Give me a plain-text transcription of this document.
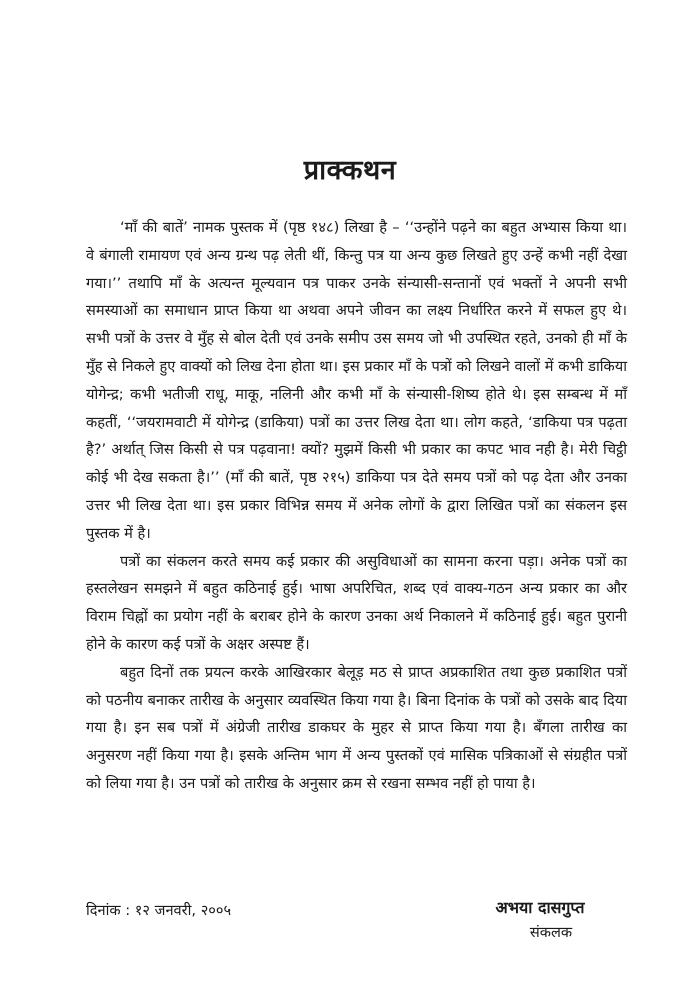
प्राक्कथन

‘माँ की बातें’ नामक पुस्तक में (पृष्ठ १४८) लिखा है – ‘‘उन्होंने पढ़ने का बहुत अभ्यास किया था। वे बंगाली रामायण एवं अन्य ग्रन्थ पढ़ लेती थीं, किन्तु पत्र या अन्य कुछ लिखते हुए उन्हें कभी नहीं देखा गया।’’ तथापि माँ के अत्यन्त मूल्यवान पत्र पाकर उनके संन्यासी-सन्तानों एवं भक्तों ने अपनी सभी समस्याओं का समाधान प्राप्त किया था अथवा अपने जीवन का लक्ष्य निर्धारित करने में सफल हुए थे। सभी पत्रों के उत्तर वे मुँह से बोल देती एवं उनके समीप उस समय जो भी उपस्थित रहते, उनको ही माँ के मुँह से निकले हुए वाक्यों को लिख देना होता था। इस प्रकार माँ के पत्रों को लिखने वालों में कभी डाकिया योगेन्द्र; कभी भतीजी राधू, माकू, नलिनी और कभी माँ के संन्यासी-शिष्य होते थे। इस सम्बन्ध में माँ कहतीं, ‘‘जयरामवाटी में योगेन्द्र (डाकिया) पत्रों का उत्तर लिख देता था। लोग कहते, ‘डाकिया पत्र पढ़ता है?’ अर्थात् जिस किसी से पत्र पढ़वाना! क्यों? मुझमें किसी भी प्रकार का कपट भाव नही है। मेरी चिट्ठी कोई भी देख सकता है।’’ (माँ की बातें, पृष्ठ २१५) डाकिया पत्र देते समय पत्रों को पढ़ देता और उनका उत्तर भी लिख देता था। इस प्रकार विभिन्न समय में अनेक लोगों के द्वारा लिखित पत्रों का संकलन इस पुस्तक में है।

पत्रों का संकलन करते समय कई प्रकार की असुविधाओं का सामना करना पड़ा। अनेक पत्रों का हस्तलेखन समझने में बहुत कठिनाई हुई। भाषा अपरिचित, शब्द एवं वाक्य-गठन अन्य प्रकार का और विराम चिह्नों का प्रयोग नहीं के बराबर होने के कारण उनका अर्थ निकालने में कठिनाई हुई। बहुत पुरानी होने के कारण कई पत्रों के अक्षर अस्पष्ट हैं।

बहुत दिनों तक प्रयत्न करके आखिरकार बेलूड़ मठ से प्राप्त अप्रकाशित तथा कुछ प्रकाशित पत्रों को पठनीय बनाकर तारीख के अनुसार व्यवस्थित किया गया है। बिना दिनांक के पत्रों को उसके बाद दिया गया है। इन सब पत्रों में अंग्रेजी तारीख डाकघर के मुहर से प्राप्त किया गया है। बँगला तारीख का अनुसरण नहीं किया गया है। इसके अन्तिम भाग में अन्य पुस्तकों एवं मासिक पत्रिकाओं से संग्रहीत पत्रों को लिया गया है। उन पत्रों को तारीख के अनुसार क्रम से रखना सम्भव नहीं हो पाया है।

दिनांक : १२ जनवरी, २००५	अभया दासगुप्त
संकलक
